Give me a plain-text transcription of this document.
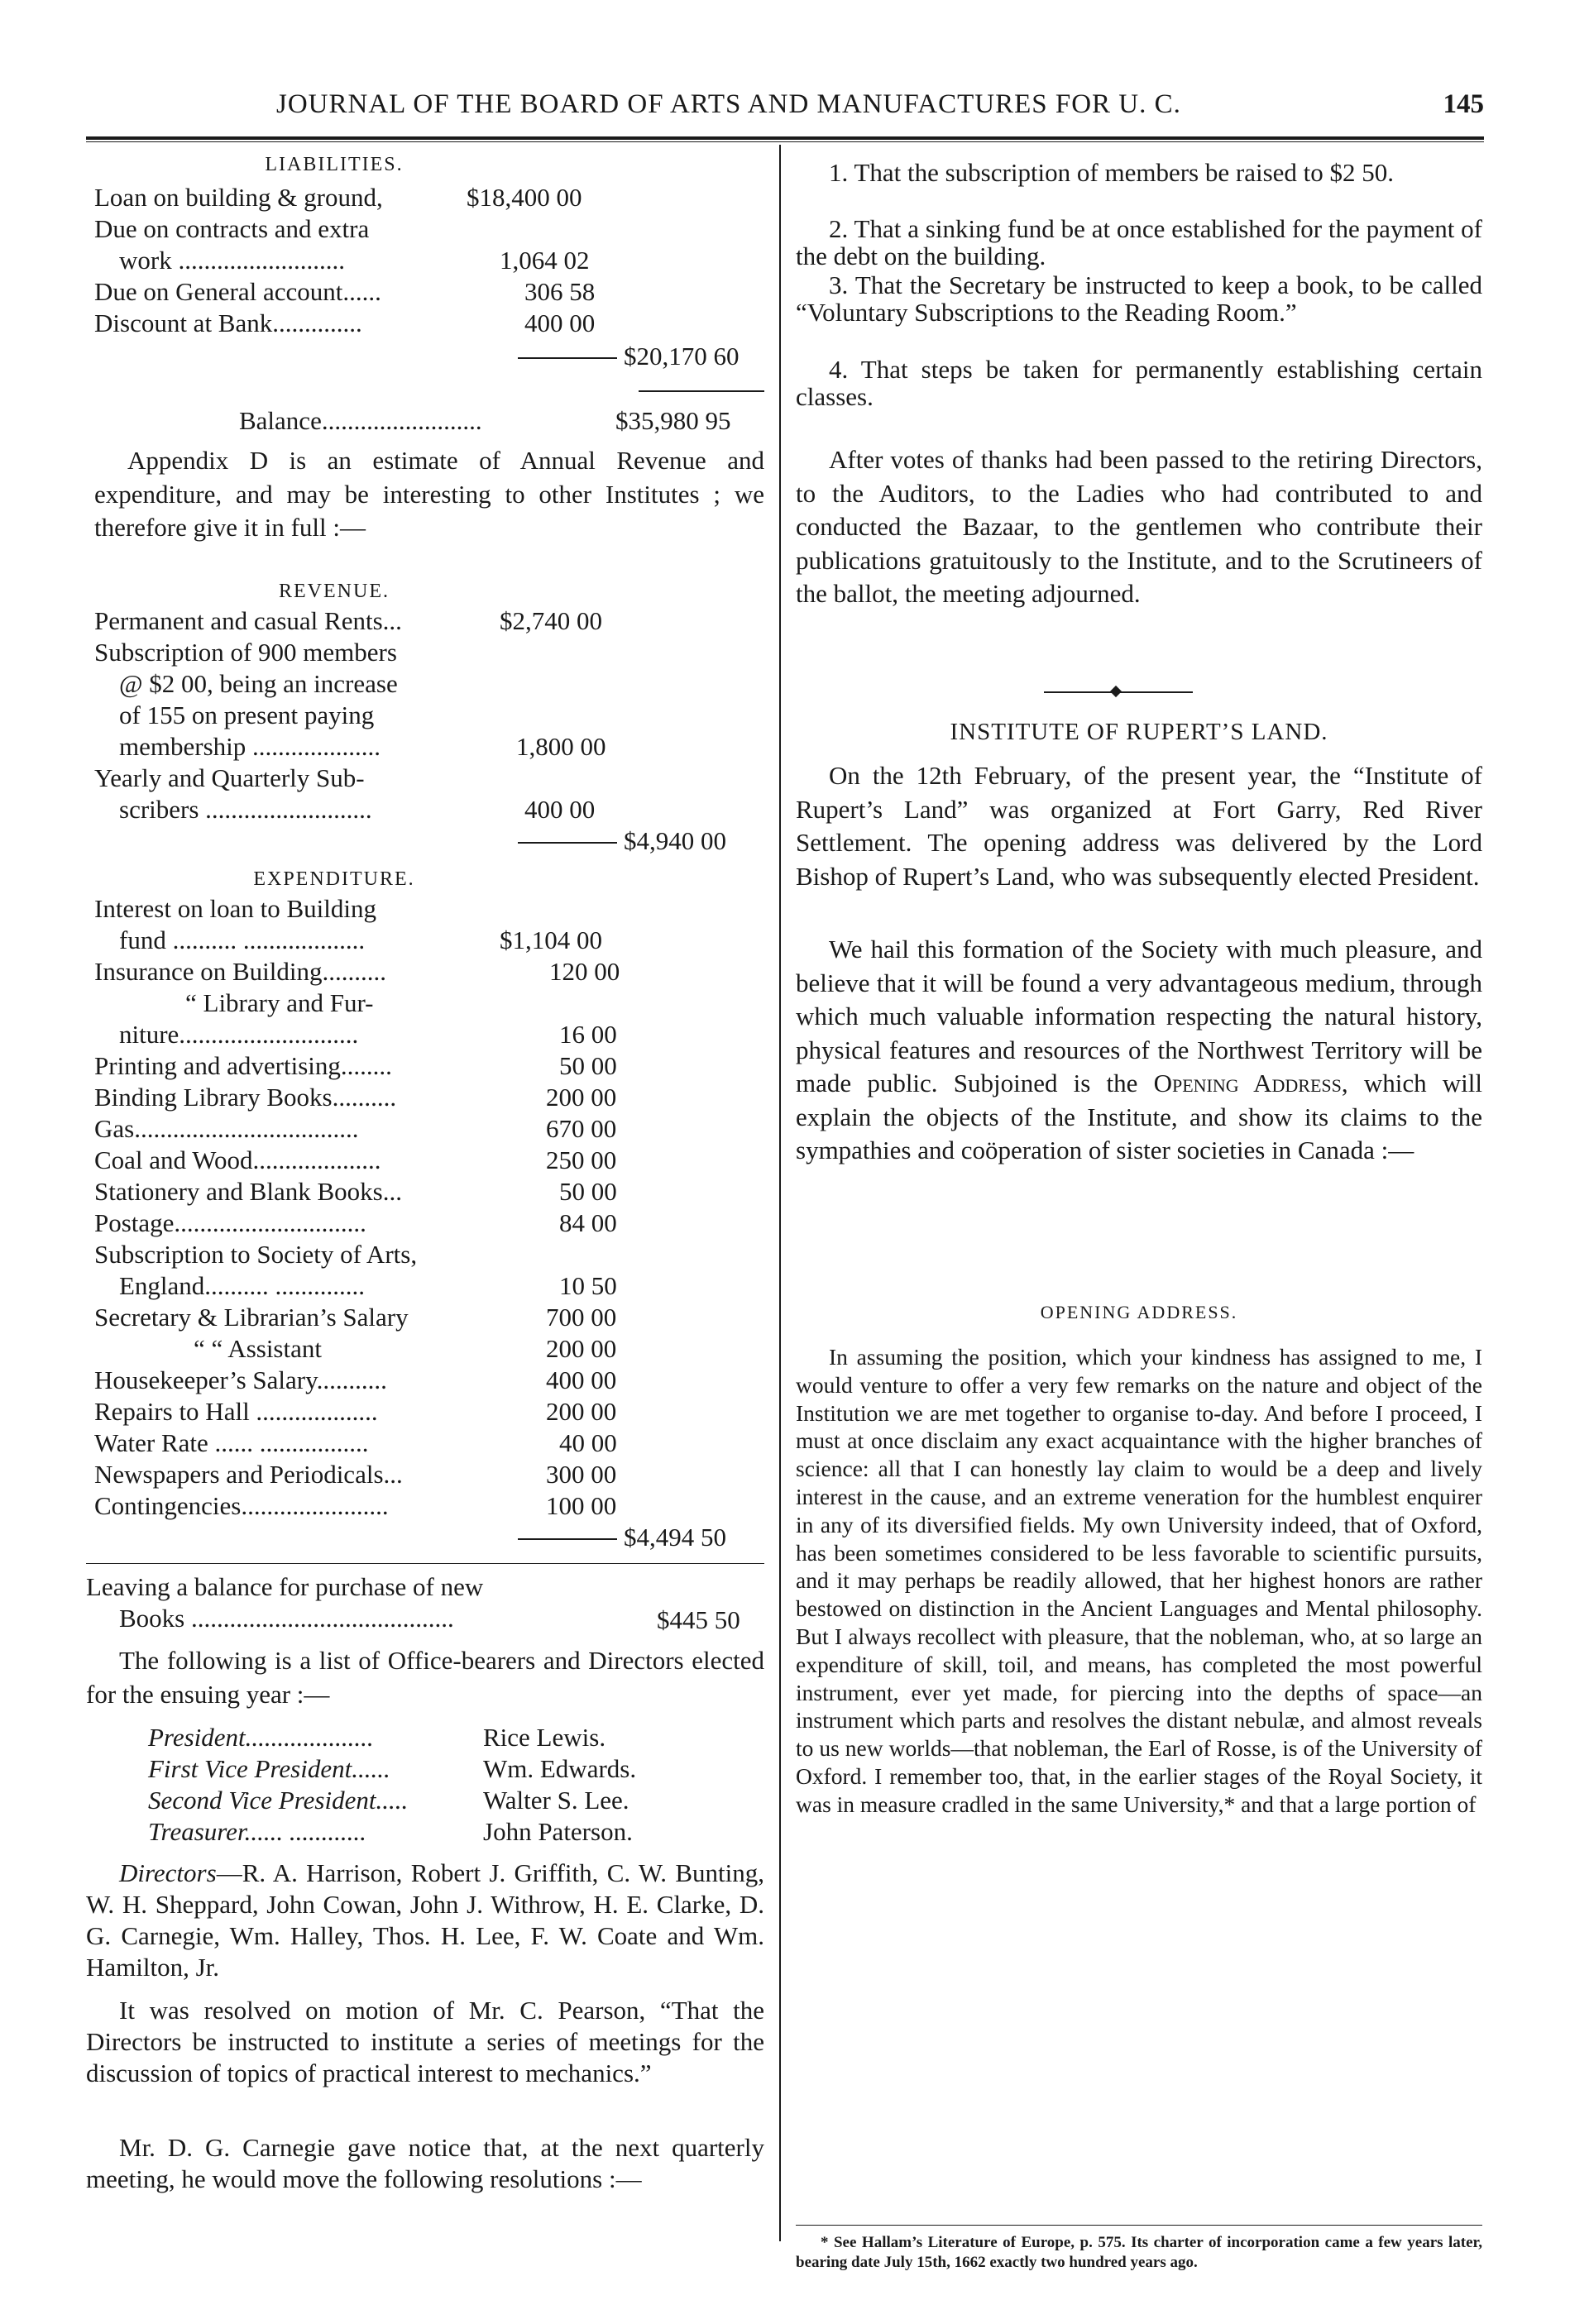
JOURNAL OF THE BOARD OF ARTS AND MANUFACTURES FOR U. C.	145
LIABILITIES.
Loan on building & ground,	$18,400 00
Due on contracts and extra
work ..........................	1,064 02
Due on General account......	306 58
Discount at Bank..............	400 00
$20,170 60
Balance.........................	$35,980 95
Appendix D is an estimate of Annual Revenue and expenditure, and may be interesting to other Institutes ; we therefore give it in full :—
REVENUE.
Permanent and casual Rents...	$2,740 00
Subscription of 900 members
@ $2 00, being an increase
of 155 on present paying
membership ....................	1,800 00
Yearly and Quarterly Sub-
scribers ..........................	400 00
$4,940 00
EXPENDITURE.
Interest on loan to Building
fund .......... ...................	$1,104 00
Insurance on Building..........	120 00
“ Library and Fur-
niture............................	16 00
Printing and advertising........	50 00
Binding Library Books..........	200 00
Gas...................................	670 00
Coal and Wood....................	250 00
Stationery and Blank Books...	50 00
Postage..............................	84 00
Subscription to Society of Arts,
England.......... ..............	10 50
Secretary & Librarian’s Salary	700 00
“ “ Assistant	200 00
Housekeeper’s Salary...........	400 00
Repairs to Hall ...................	200 00
Water Rate ...... .................	40 00
Newspapers and Periodicals...	300 00
Contingencies.......................	100 00
$4,494 50
Leaving a balance for purchase of new
Books .........................................	$445 50
The following is a list of Office-bearers and Directors elected for the ensuing year :—
President....................	Rice Lewis.
First Vice President......	Wm. Edwards.
Second Vice President.....	Walter S. Lee.
Treasurer...... ............	John Paterson.
Directors—R. A. Harrison, Robert J. Griffith, C. W. Bunting, W. H. Sheppard, John Cowan, John J. Withrow, H. E. Clarke, D. G. Carnegie, Wm. Halley, Thos. H. Lee, F. W. Coate and Wm. Hamilton, Jr.
It was resolved on motion of Mr. C. Pearson, “That the Directors be instructed to institute a series of meetings for the discussion of topics of practical interest to mechanics.”
Mr. D. G. Carnegie gave notice that, at the next quarterly meeting, he would move the following resolutions :—
1. That the subscription of members be raised to $2 50.
2. That a sinking fund be at once established for the payment of the debt on the building.
3. That the Secretary be instructed to keep a book, to be called “Voluntary Subscriptions to the Reading Room.”
4. That steps be taken for permanently establishing certain classes.
After votes of thanks had been passed to the retiring Directors, to the Auditors, to the Ladies who had contributed to and conducted the Bazaar, to the gentlemen who contribute their publications gratuitously to the Institute, and to the Scrutineers of the ballot, the meeting adjourned.
INSTITUTE OF RUPERT’S LAND.
On the 12th February, of the present year, the “Institute of Rupert’s Land” was organized at Fort Garry, Red River Settlement. The opening address was delivered by the Lord Bishop of Rupert’s Land, who was subsequently elected President.
We hail this formation of the Society with much pleasure, and believe that it will be found a very advantageous medium, through which much valuable information respecting the natural history, physical features and resources of the Northwest Territory will be made public. Subjoined is the Opening Address, which will explain the objects of the Institute, and show its claims to the sympathies and coöperation of sister societies in Canada :—
OPENING ADDRESS.
In assuming the position, which your kindness has assigned to me, I would venture to offer a very few remarks on the nature and object of the Institution we are met together to organise to-day. And before I proceed, I must at once disclaim any exact acquaintance with the higher branches of science: all that I can honestly lay claim to would be a deep and lively interest in the cause, and an extreme veneration for the humblest enquirer in any of its diversified fields. My own University indeed, that of Oxford, has been sometimes considered to be less favorable to scientific pursuits, and it may perhaps be readily allowed, that her highest honors are rather bestowed on distinction in the Ancient Languages and Mental philosophy. But I always recollect with pleasure, that the nobleman, who, at so large an expenditure of skill, toil, and means, has completed the most powerful instrument, ever yet made, for piercing into the depths of space—an instrument which parts and resolves the distant nebulæ, and almost reveals to us new worlds—that nobleman, the Earl of Rosse, is of the University of Oxford. I remember too, that, in the earlier stages of the Royal Society, it was in measure cradled in the same University,* and that a large portion of
* See Hallam’s Literature of Europe, p. 575. Its charter of incorporation came a few years later, bearing date July 15th, 1662 exactly two hundred years ago.
